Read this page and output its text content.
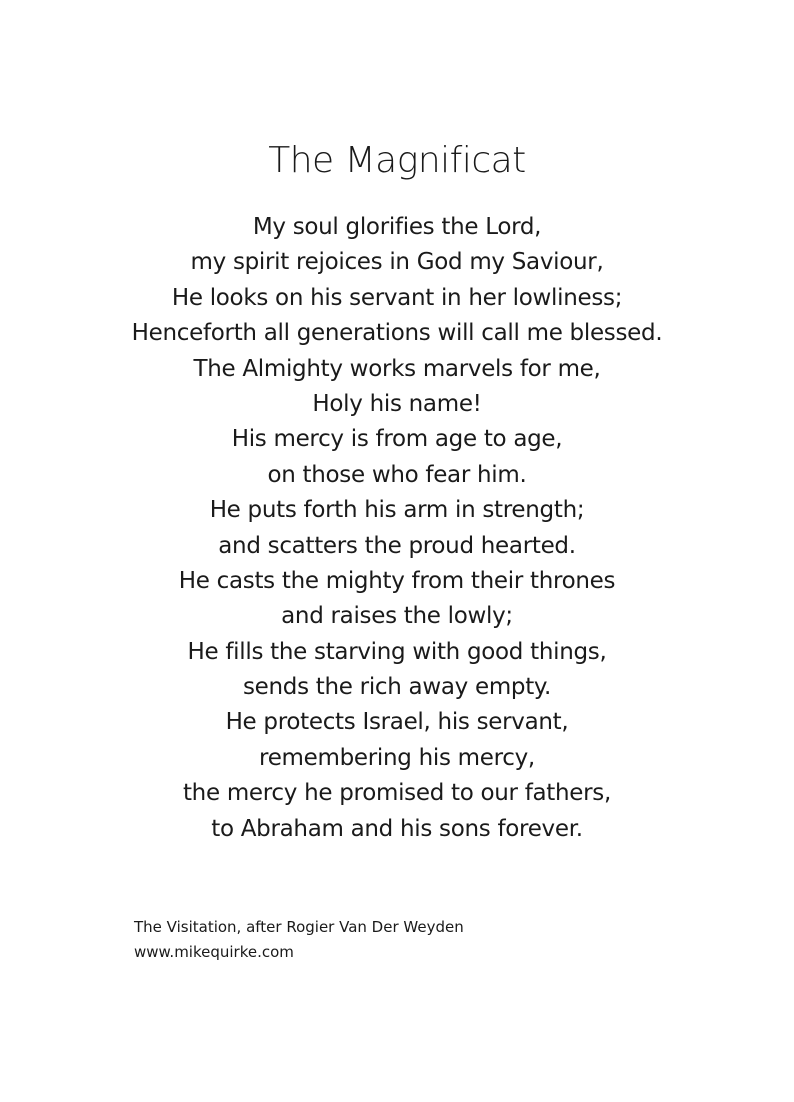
The Magnificat
My soul glorifies the Lord,
my spirit rejoices in God my Saviour,
He looks on his servant in her lowliness;
Henceforth all generations will call me blessed.
The Almighty works marvels for me,
Holy his name!
His mercy is from age to age,
on those who fear him.
He puts forth his arm in strength;
and scatters the proud hearted.
He casts the mighty from their thrones
and raises the lowly;
He fills the starving with good things,
sends the rich away empty.
He protects Israel, his servant,
remembering his mercy,
the mercy he promised to our fathers,
to Abraham and his sons forever.
The Visitation, after Rogier Van Der Weyden
www.mikequirke.com
